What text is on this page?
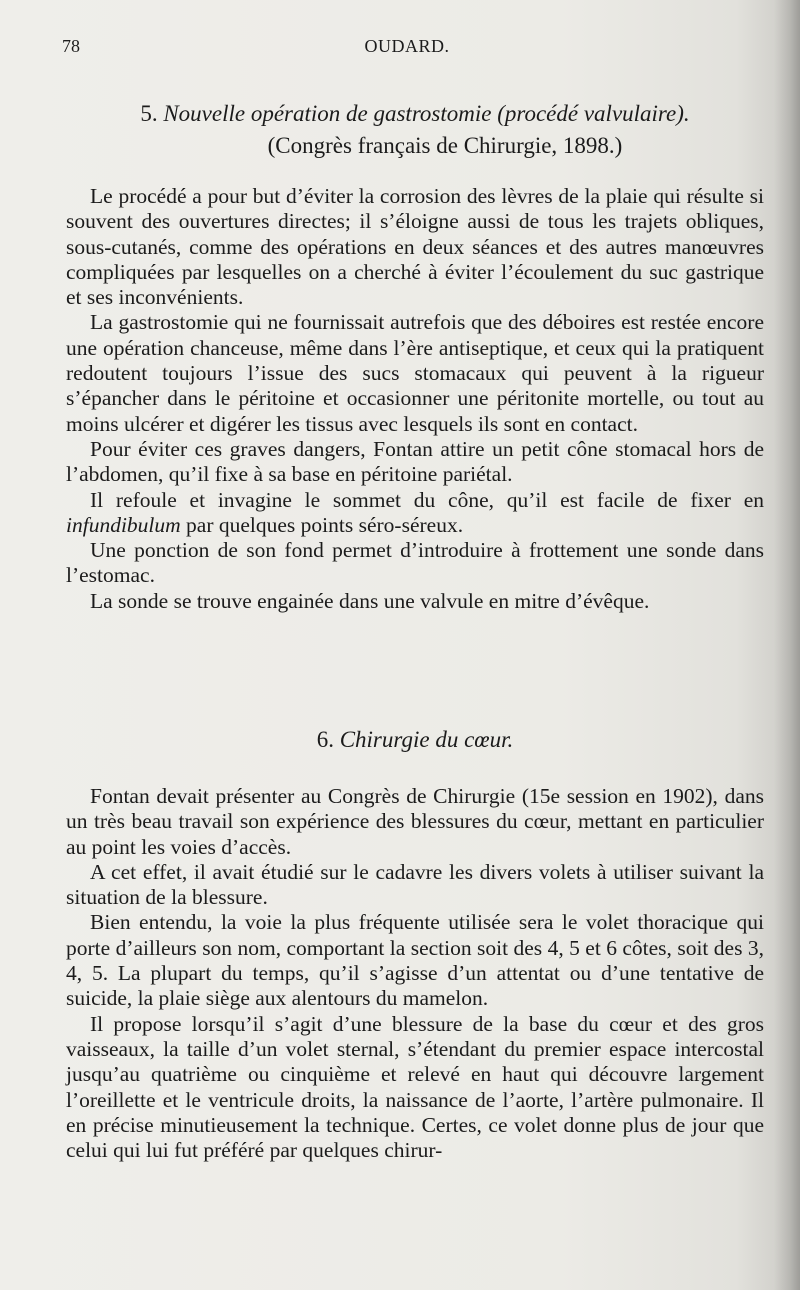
78	OUDARD.
5. Nouvelle opération de gastrostomie (procédé valvulaire).
(Congrès français de Chirurgie, 1898.)

Le procédé a pour but d’éviter la corrosion des lèvres de la plaie qui résulte si souvent des ouvertures directes; il s’éloigne aussi de tous les trajets obliques, sous-cutanés, comme des opérations en deux séances et des autres manœuvres compliquées par lesquelles on a cherché à éviter l’écoulement du suc gastrique et ses inconvénients.

La gastrostomie qui ne fournissait autrefois que des déboires est restée encore une opération chanceuse, même dans l’ère antiseptique, et ceux qui la pratiquent redoutent toujours l’issue des sucs stomacaux qui peuvent à la rigueur s’épancher dans le péritoine et occasionner une péritonite mortelle, ou tout au moins ulcérer et digérer les tissus avec lesquels ils sont en contact.

Pour éviter ces graves dangers, Fontan attire un petit cône stomacal hors de l’abdomen, qu’il fixe à sa base en péritoine pariétal.

Il refoule et invagine le sommet du cône, qu’il est facile de fixer en infundibulum par quelques points séro-séreux.

Une ponction de son fond permet d’introduire à frottement une sonde dans l’estomac.

La sonde se trouve engainée dans une valvule en mitre d’évêque.

6. Chirurgie du cœur.

Fontan devait présenter au Congrès de Chirurgie (15e session en 1902), dans un très beau travail son expérience des blessures du cœur, mettant en particulier au point les voies d’accès.

A cet effet, il avait étudié sur le cadavre les divers volets à utiliser suivant la situation de la blessure.

Bien entendu, la voie la plus fréquente utilisée sera le volet thoracique qui porte d’ailleurs son nom, comportant la section soit des 4, 5 et 6 côtes, soit des 3, 4, 5. La plupart du temps, qu’il s’agisse d’un attentat ou d’une tentative de suicide, la plaie siège aux alentours du mamelon.

Il propose lorsqu’il s’agit d’une blessure de la base du cœur et des gros vaisseaux, la taille d’un volet sternal, s’étendant du premier espace intercostal jusqu’au quatrième ou cinquième et relevé en haut qui découvre largement l’oreillette et le ventricule droits, la naissance de l’aorte, l’artère pulmonaire. Il en précise minutieusement la technique. Certes, ce volet donne plus de jour que celui qui lui fut préféré par quelques chirur-
